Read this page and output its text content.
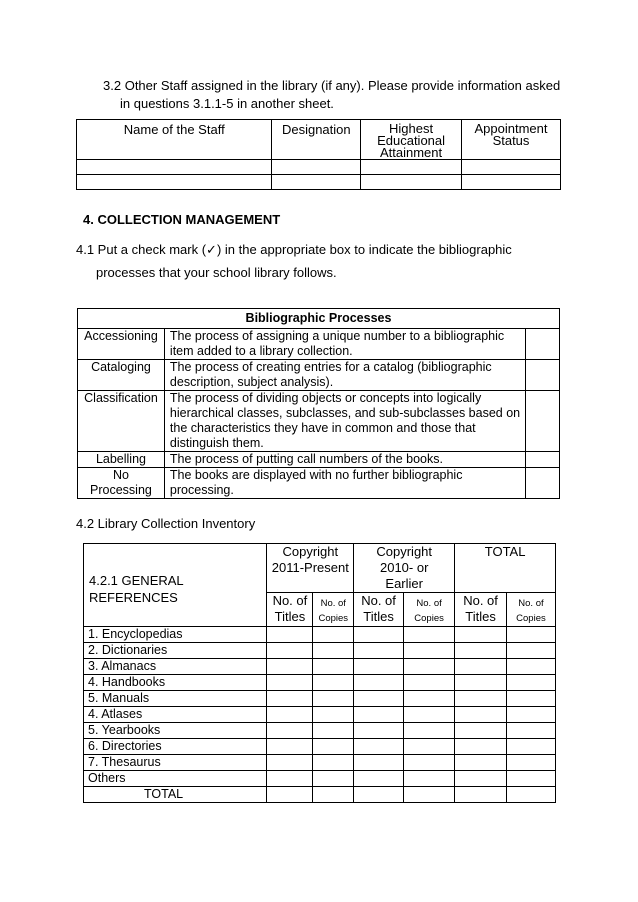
3.2 Other Staff assigned in the library (if any). Please provide information asked
in questions 3.1.1-5 in another sheet.
Name of the Staff	Designation	Highest Educational Attainment	Appointment Status

4. COLLECTION MANAGEMENT
4.1 Put a check mark (✓) in the appropriate box to indicate the bibliographic
processes that your school library follows.
Bibliographic Processes		
Accessioning	The process of assigning a unique number to a bibliographic item added to a library collection.	
Cataloging	The process of creating entries for a catalog (bibliographic description, subject analysis).	
Classification	The process of dividing objects or concepts into logically hierarchical classes, subclasses, and sub-subclasses based on the characteristics they have in common and those that distinguish them.	
Labelling	The process of putting call numbers of the books.	
No Processing	The books are displayed with no further bibliographic processing.	
4.2 Library Collection Inventory
4.2.1 GENERAL REFERENCES	Copyright 2011-Present		Copyright 2010- or Earlier		TOTAL	
	No. of Titles	No. of Copies	No. of Titles	No. of Copies	No. of Titles	No. of Copies
1. Encyclopedias						
2. Dictionaries						
3. Almanacs						
4. Handbooks						
5. Manuals						
4. Atlases						
5. Yearbooks						
6. Directories						
7. Thesaurus						
Others						
TOTAL						
